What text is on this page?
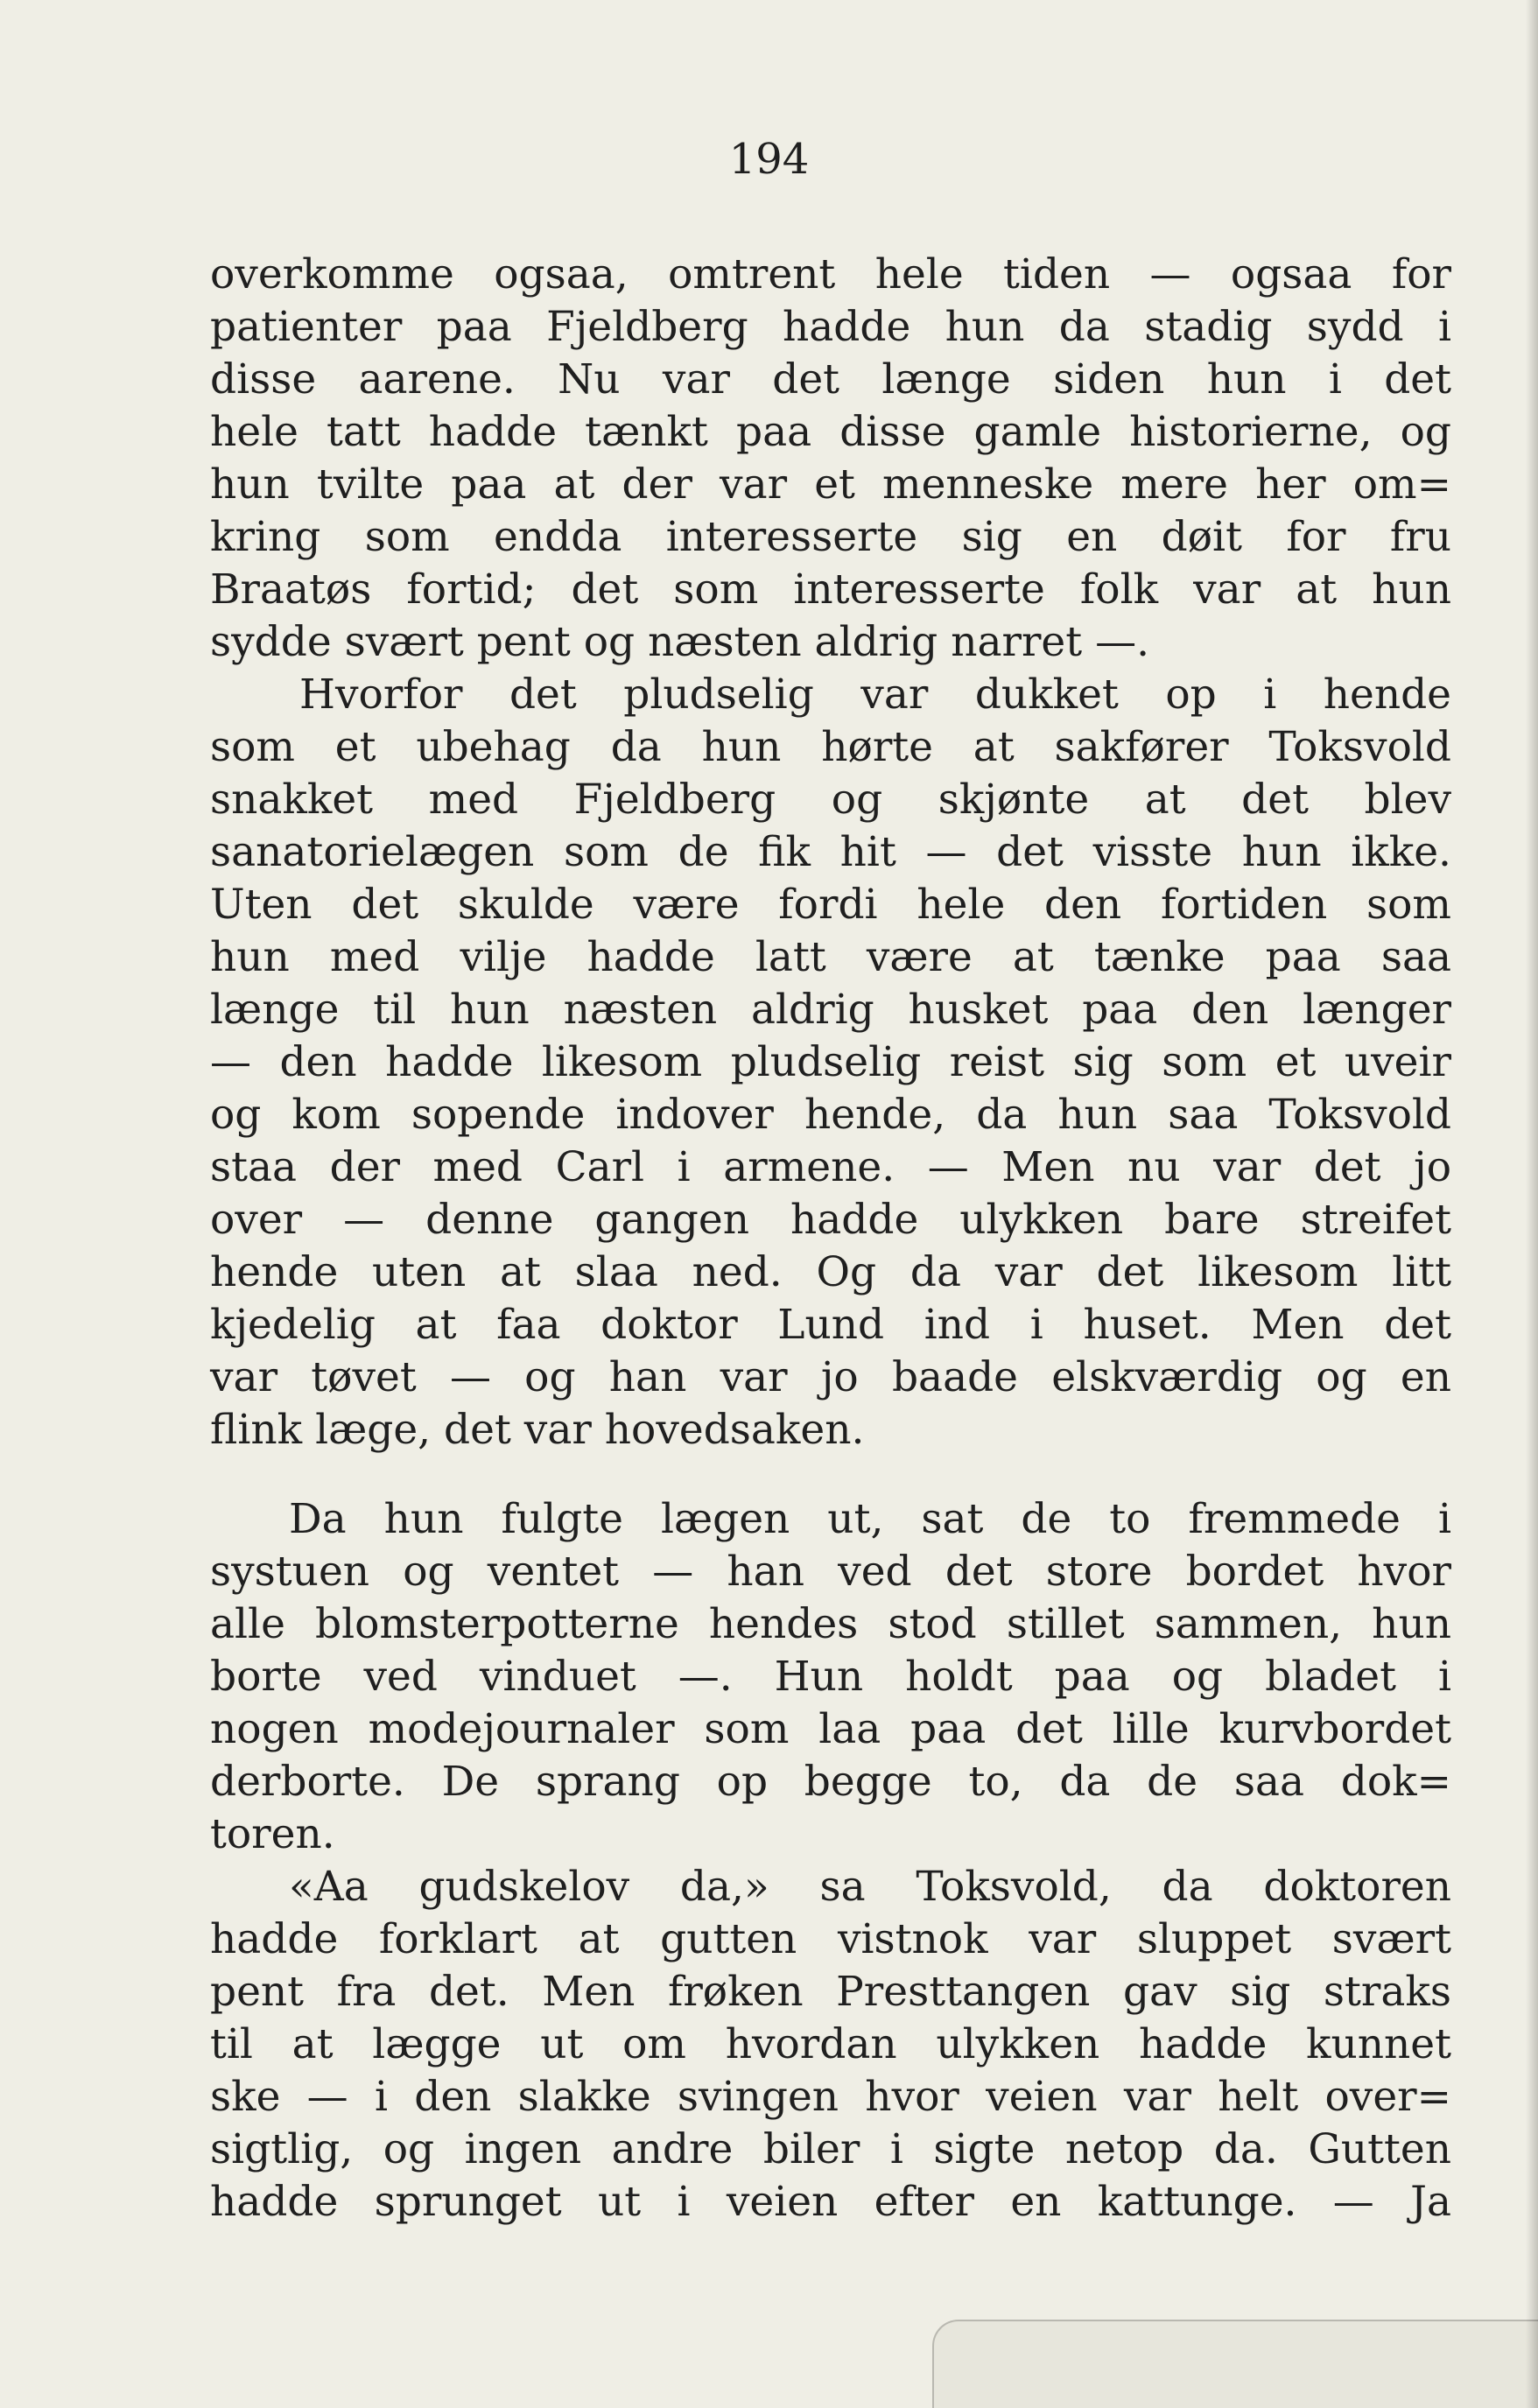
194
overkomme ogsaa, omtrent hele tiden — ogsaa for
patienter paa Fjeldberg hadde hun da stadig sydd i
disse aarene. Nu var det længe siden hun i det
hele tatt hadde tænkt paa disse gamle historierne, og
hun tvilte paa at der var et menneske mere her om=
kring som endda interesserte sig en døit for fru
Braatøs fortid; det som interesserte folk var at hun
sydde svært pent og næsten aldrig narret —.
Hvorfor det pludselig var dukket op i hende
som et ubehag da hun hørte at sakfører Toksvold
snakket med Fjeldberg og skjønte at det blev
sanatorielægen som de fik hit — det visste hun ikke.
Uten det skulde være fordi hele den fortiden som
hun med vilje hadde latt være at tænke paa saa
længe til hun næsten aldrig husket paa den længer
— den hadde likesom pludselig reist sig som et uveir
og kom sopende indover hende, da hun saa Toksvold
staa der med Carl i armene. — Men nu var det jo
over — denne gangen hadde ulykken bare streifet
hende uten at slaa ned. Og da var det likesom litt
kjedelig at faa doktor Lund ind i huset. Men det
var tøvet — og han var jo baade elskværdig og en
flink læge, det var hovedsaken.
Da hun fulgte lægen ut, sat de to fremmede i
systuen og ventet — han ved det store bordet hvor
alle blomsterpotterne hendes stod stillet sammen, hun
borte ved vinduet —. Hun holdt paa og bladet i
nogen modejournaler som laa paa det lille kurvbordet
derborte. De sprang op begge to, da de saa dok=
toren.
«Aa gudskelov da,» sa Toksvold, da doktoren
hadde forklart at gutten vistnok var sluppet svært
pent fra det. Men frøken Presttangen gav sig straks
til at lægge ut om hvordan ulykken hadde kunnet
ske — i den slakke svingen hvor veien var helt over=
sigtlig, og ingen andre biler i sigte netop da. Gutten
hadde sprunget ut i veien efter en kattunge. — Ja
